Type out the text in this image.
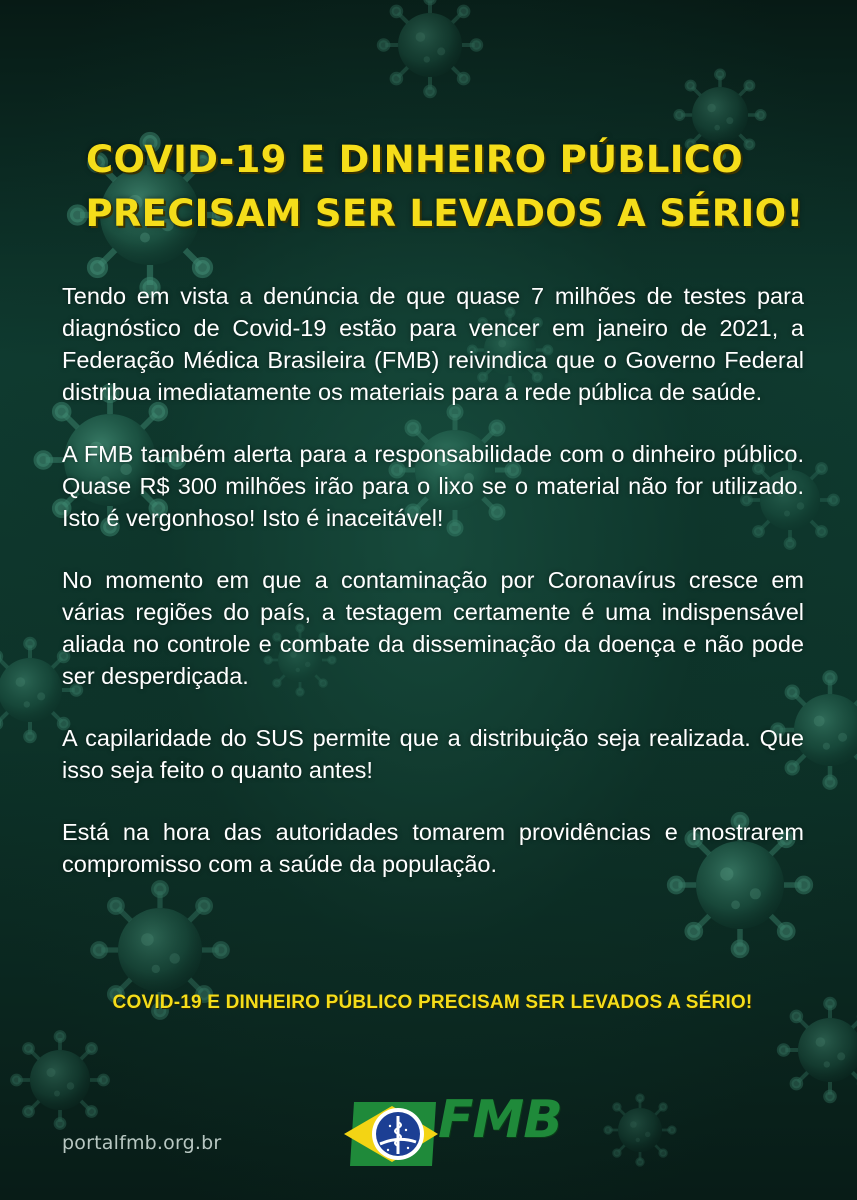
COVID-19 E DINHEIRO PÚBLICO
PRECISAM SER LEVADOS A SÉRIO!

Tendo em vista a denúncia de que quase 7 milhões de testes para diagnóstico de Covid-19 estão para vencer em janeiro de 2021, a Federação Médica Brasileira (FMB) reivindica que o Governo Federal distribua imediatamente os materiais para a rede pública de saúde.

A FMB também alerta para a responsabilidade com o dinheiro público. Quase R$ 300 milhões irão para o lixo se o material não for utilizado. Isto é vergonhoso! Isto é inaceitável!

No momento em que a contaminação por Coronavírus cresce em várias regiões do país, a testagem certamente é uma indispensável aliada no controle e combate da disseminação da doença e não pode ser desperdiçada.

A capilaridade do SUS permite que a distribuição seja realizada. Que isso seja feito o quanto antes!

Está na hora das autoridades tomarem providências e mostrarem compromisso com a saúde da população.

COVID-19 E DINHEIRO PÚBLICO PRECISAM SER LEVADOS A SÉRIO!
portalfmb.org.br	FMB
